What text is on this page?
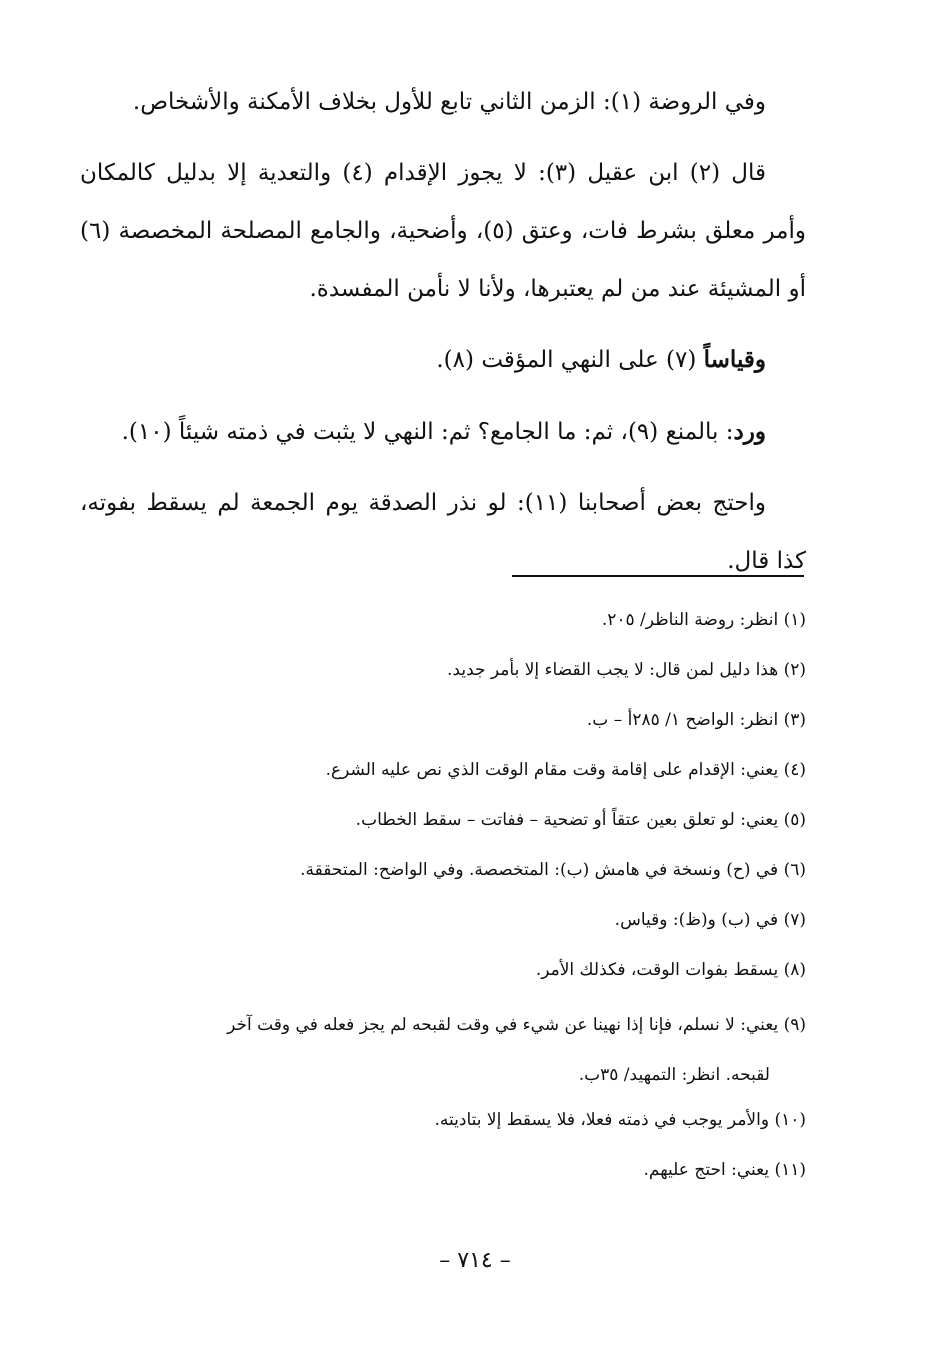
وفي الروضة (١): الزمن الثاني تابع للأول بخلاف الأمكنة والأشخاص.

قال (٢) ابن عقيل (٣): لا يجوز الإقدام (٤) والتعدية إلا بدليل كالمكان وأمر معلق بشرط فات، وعتق (٥)، وأضحية، والجامع المصلحة المخصصة (٦) أو المشيئة عند من لم يعتبرها، ولأنا لا نأمن المفسدة.

وقياساً (٧) على النهي المؤقت (٨).

ورد: بالمنع (٩)، ثم: ما الجامع؟ ثم: النهي لا يثبت في ذمته شيئاً (١٠).

واحتج بعض أصحابنا (١١): لو نذر الصدقة يوم الجمعة لم يسقط بفوته، كذا قال.

(١) انظر: روضة الناظر/ ٢٠٥.
(٢) هذا دليل لمن قال: لا يجب القضاء إلا بأمر جديد.
(٣) انظر: الواضح ١/ ٢٨٥أ – ب.
(٤) يعني: الإقدام على إقامة وقت مقام الوقت الذي نص عليه الشرع.
(٥) يعني: لو تعلق بعين عتقاً أو تضحية – ففاتت – سقط الخطاب.
(٦) في (ح) ونسخة في هامش (ب): المتخصصة. وفي الواضح: المتحققة.
(٧) في (ب) و(ظ): وقياس.
(٨) يسقط بفوات الوقت، فكذلك الأمر.
(٩) يعني: لا نسلم، فإنا إذا نهينا عن شيء في وقت لقبحه لم يجز فعله في وقت آخر
لقبحه. انظر: التمهيد/ ٣٥ب.
(١٠) والأمر يوجب في ذمته فعلا، فلا يسقط إلا بتاديته.
(١١) يعني: احتج عليهم.
– ٧١٤ –
